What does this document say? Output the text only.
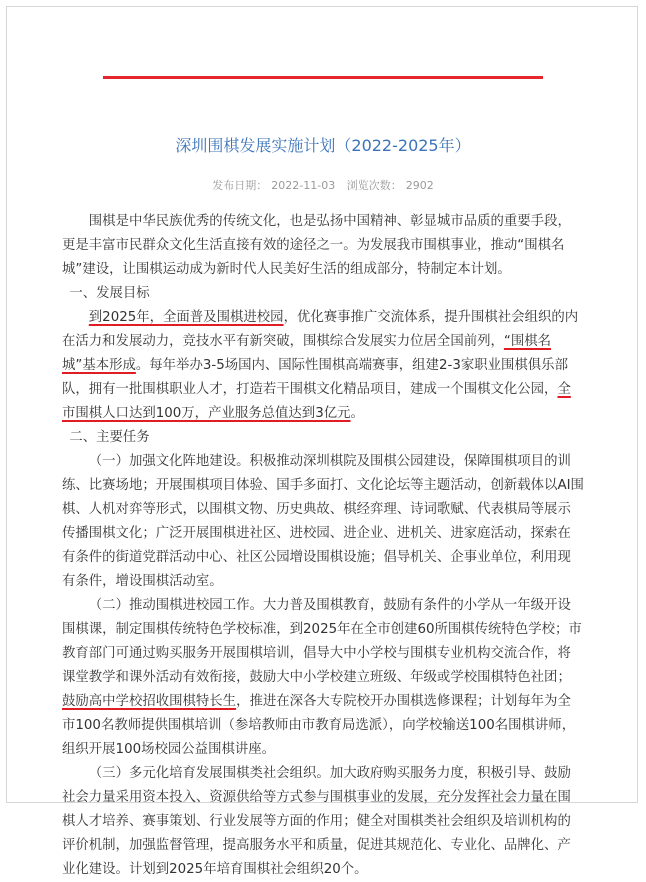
深圳围棋发展实施计划（2022-2025年）
发布日期： 2022-11-03 浏览次数： 2902

围棋是中华民族优秀的传统文化，也是弘扬中国精神、彰显城市品质的重要手段，更是丰富市民群众文化生活直接有效的途径之一。为发展我市围棋事业，推动“围棋名城”建设，让围棋运动成为新时代人民美好生活的组成部分，特制定本计划。

一、发展目标

到2025年，全面普及围棋进校园，优化赛事推广交流体系，提升围棋社会组织的内在活力和发展动力，竞技水平有新突破，围棋综合发展实力位居全国前列，“围棋名城”基本形成。每年举办3-5场国内、国际性围棋高端赛事，组建2-3家职业围棋俱乐部队，拥有一批围棋职业人才，打造若干围棋文化精品项目，建成一个围棋文化公园，全市围棋人口达到100万，产业服务总值达到3亿元。

二、主要任务

（一）加强文化阵地建设。积极推动深圳棋院及围棋公园建设，保障围棋项目的训练、比赛场地；开展围棋项目体验、国手多面打、文化论坛等主题活动，创新载体以AI围棋、人机对弈等形式，以围棋文物、历史典故、棋经弈理、诗词歌赋、代表棋局等展示传播围棋文化；广泛开展围棋进社区、进校园、进企业、进机关、进家庭活动，探索在有条件的街道党群活动中心、社区公园增设围棋设施；倡导机关、企事业单位，利用现有条件，增设围棋活动室。

（二）推动围棋进校园工作。大力普及围棋教育，鼓励有条件的小学从一年级开设围棋课，制定围棋传统特色学校标准，到2025年在全市创建60所围棋传统特色学校；市教育部门可通过购买服务开展围棋培训，倡导大中小学校与围棋专业机构交流合作，将课堂教学和课外活动有效衔接，鼓励大中小学校建立班级、年级或学校围棋特色社团；鼓励高中学校招收围棋特长生，推进在深各大专院校开办围棋选修课程；计划每年为全市100名教师提供围棋培训（参培教师由市教育局选派），向学校输送100名围棋讲师，组织开展100场校园公益围棋讲座。

（三）多元化培育发展围棋类社会组织。加大政府购买服务力度，积极引导、鼓励社会力量采用资本投入、资源供给等方式参与围棋事业的发展，充分发挥社会力量在围棋人才培养、赛事策划、行业发展等方面的作用；健全对围棋类社会组织及培训机构的评价机制，加强监督管理，提高服务水平和质量，促进其规范化、专业化、品牌化、产业化建设。计划到2025年培育围棋社会组织20个。
